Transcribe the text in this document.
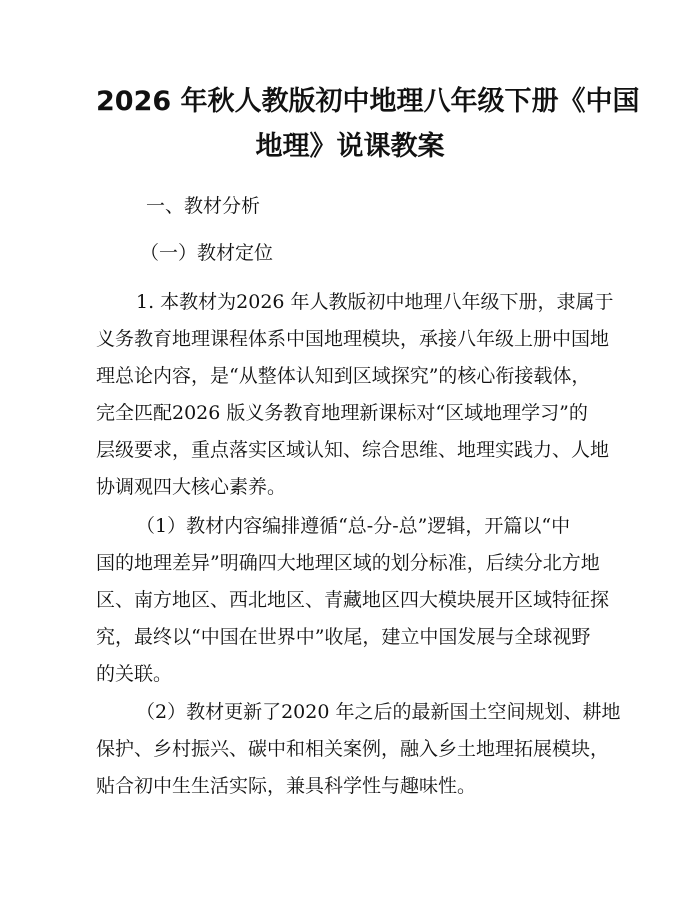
2026 年秋人教版初中地理八年级下册《中国
地理》说课教案
一、教材分析
（一）教材定位
1. 本教材为2026 年人教版初中地理八年级下册，隶属于
义务教育地理课程体系中国地理模块，承接八年级上册中国地
理总论内容，是“从整体认知到区域探究”的核心衔接载体，
完全匹配2026 版义务教育地理新课标对“区域地理学习”的
层级要求，重点落实区域认知、综合思维、地理实践力、人地
协调观四大核心素养。
（1）教材内容编排遵循“总-分-总”逻辑，开篇以“中
国的地理差异”明确四大地理区域的划分标准，后续分北方地
区、南方地区、西北地区、青藏地区四大模块展开区域特征探
究，最终以“中国在世界中”收尾，建立中国发展与全球视野
的关联。
（2）教材更新了2020 年之后的最新国土空间规划、耕地
保护、乡村振兴、碳中和相关案例，融入乡土地理拓展模块，
贴合初中生生活实际，兼具科学性与趣味性。
